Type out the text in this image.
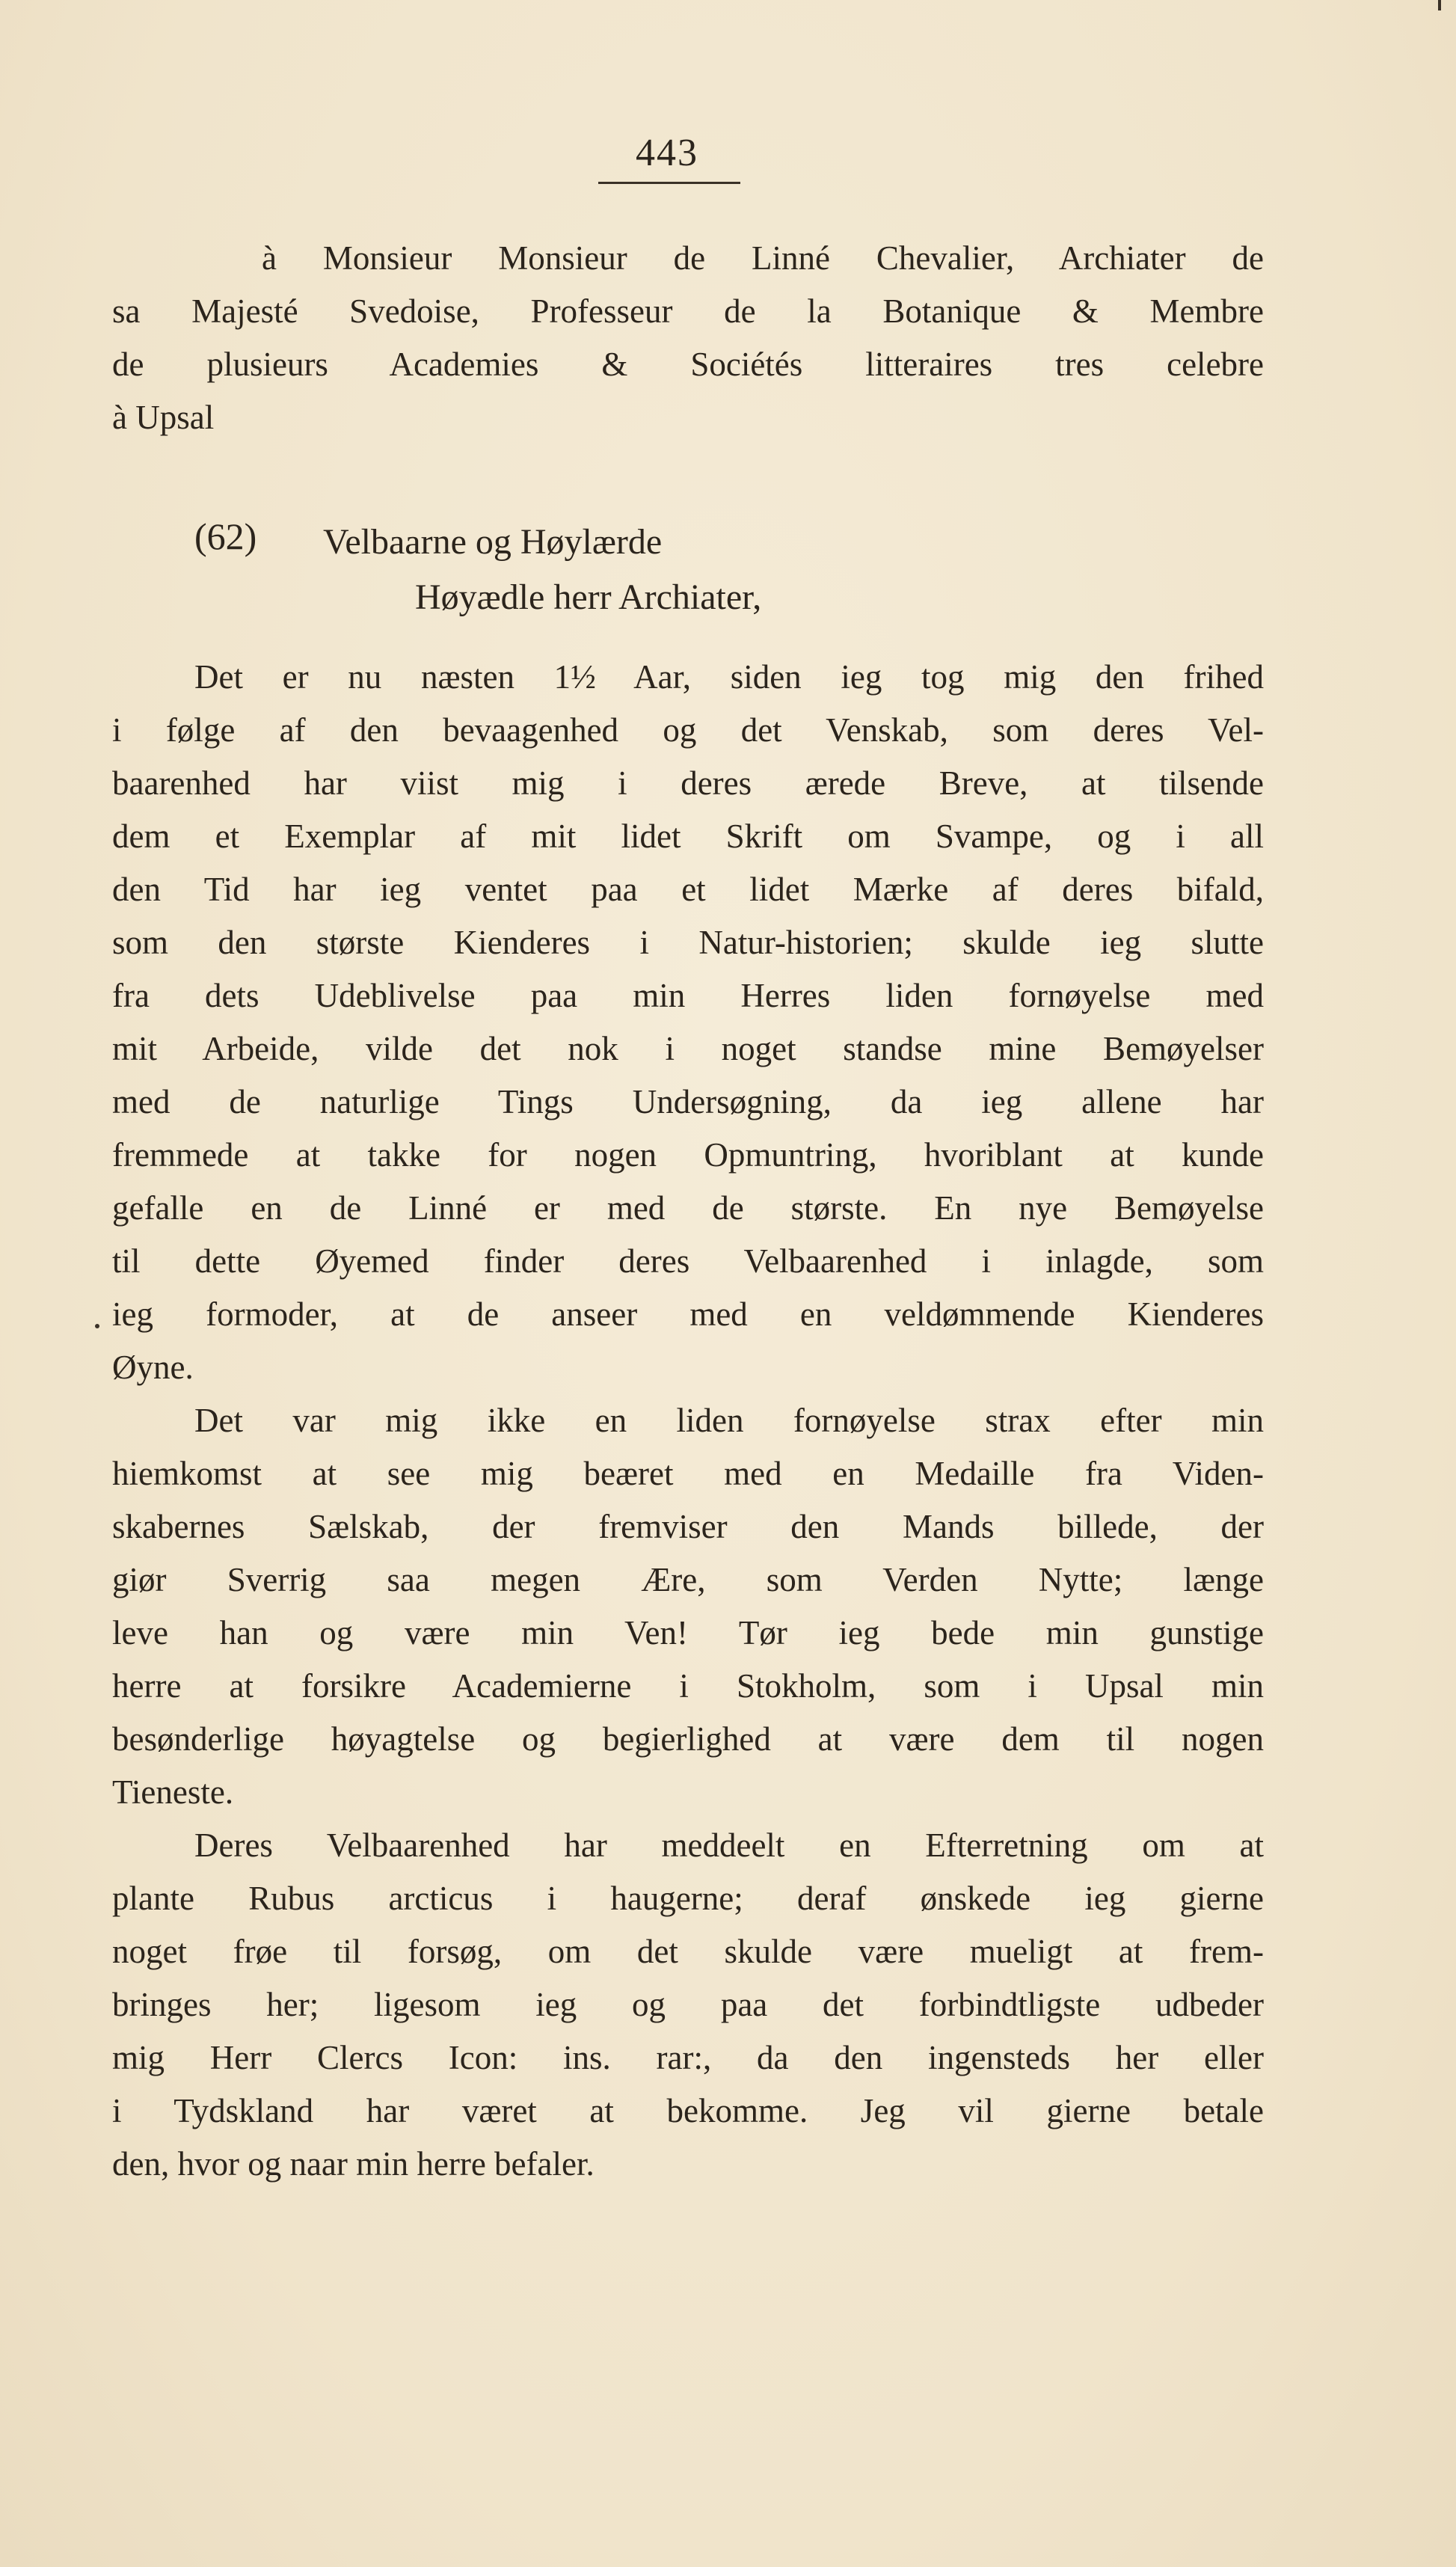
443
à Monsieur Monsieur de Linné Chevalier, Archiater de
sa Majesté Svedoise, Professeur de la Botanique & Membre
de plusieurs Academies & Sociétés litteraires tres celebre
à Upsal
(62) Velbaarne og Høylærde
Høyædle herr Archiater,
Det er nu næsten 1½ Aar, siden ieg tog mig den frihed
i følge af den bevaagenhed og det Venskab, som deres Vel-
baarenhed har viist mig i deres ærede Breve, at tilsende
dem et Exemplar af mit lidet Skrift om Svampe, og i all
den Tid har ieg ventet paa et lidet Mærke af deres bifald,
som den største Kienderes i Natur-historien; skulde ieg slutte
fra dets Udeblivelse paa min Herres liden fornøyelse med
mit Arbeide, vilde det nok i noget standse mine Bemøyelser
med de naturlige Tings Undersøgning, da ieg allene har
fremmede at takke for nogen Opmuntring, hvoriblant at kunde
gefalle en de Linné er med de største. En nye Bemøyelse
til dette Øyemed finder deres Velbaarenhed i inlagde, som
ieg formoder, at de anseer med en veldømmende Kienderes
Øyne.
Det var mig ikke en liden fornøyelse strax efter min
hiemkomst at see mig beæret med en Medaille fra Viden-
skabernes Sælskab, der fremviser den Mands billede, der
giør Sverrig saa megen Ære, som Verden Nytte; længe
leve han og være min Ven! Tør ieg bede min gunstige
herre at forsikre Academierne i Stokholm, som i Upsal min
besønderlige høyagtelse og begierlighed at være dem til nogen
Tieneste.
Deres Velbaarenhed har meddeelt en Efterretning om at
plante Rubus arcticus i haugerne; deraf ønskede ieg gierne
noget frøe til forsøg, om det skulde være mueligt at frem-
bringes her; ligesom ieg og paa det forbindtligste udbeder
mig Herr Clercs Icon: ins. rar:, da den ingensteds her eller
i Tydskland har været at bekomme. Jeg vil gierne betale
den, hvor og naar min herre befaler.
